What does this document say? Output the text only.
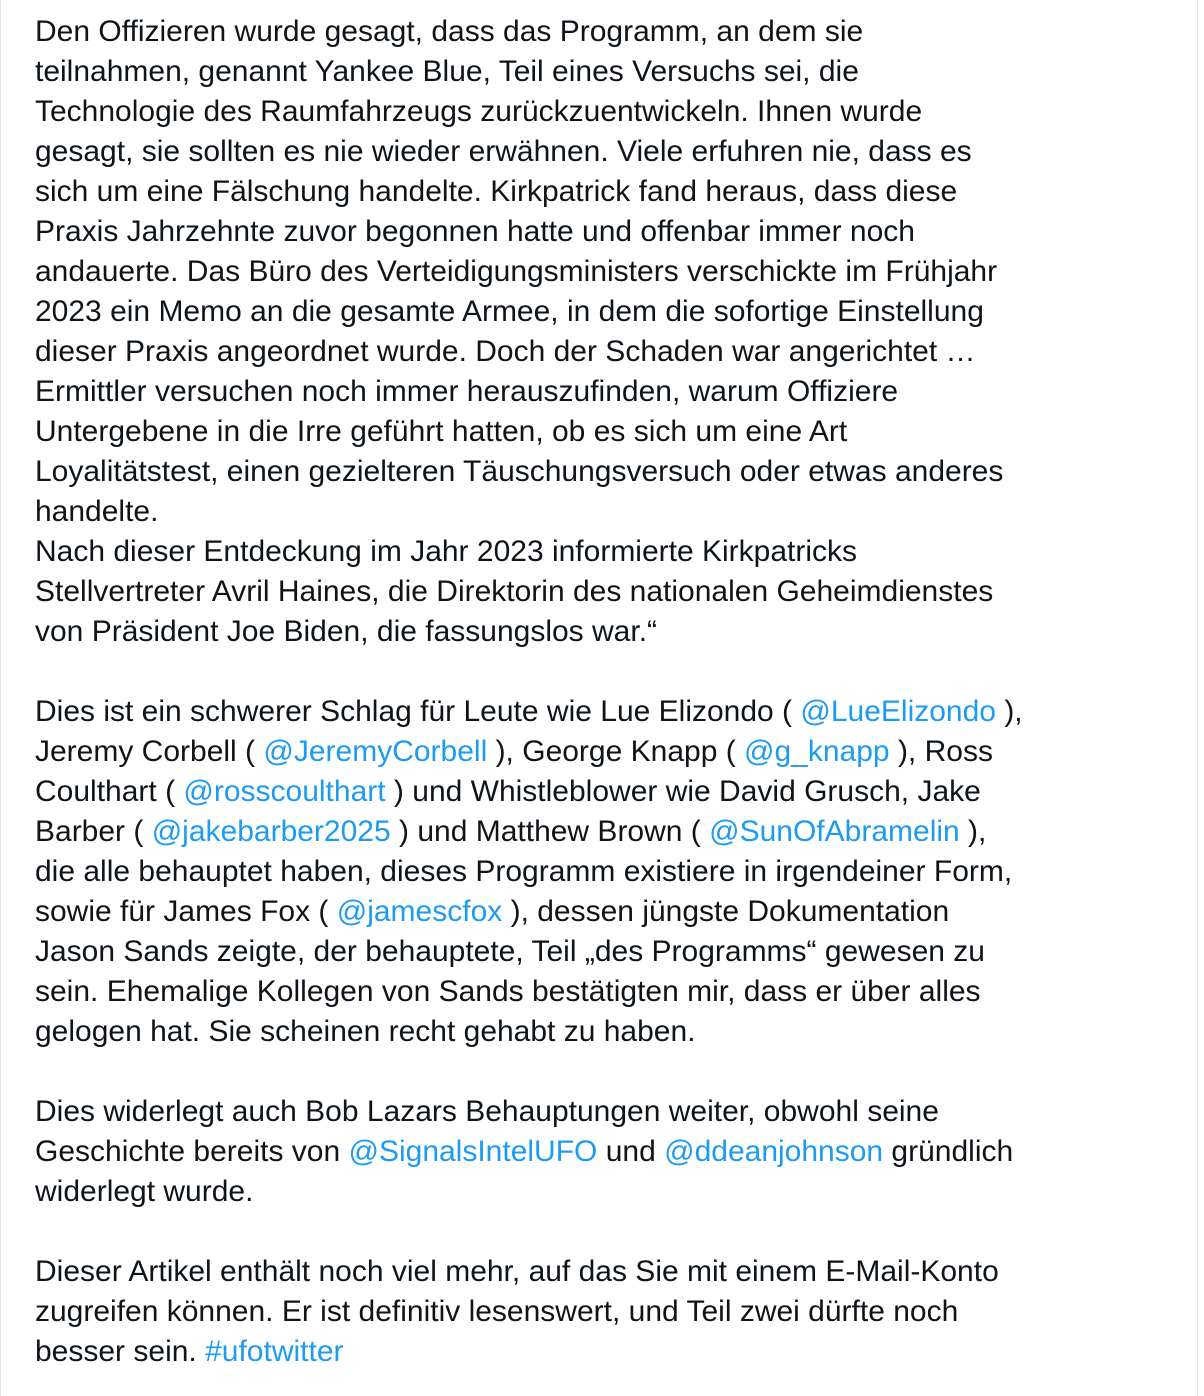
Den Offizieren wurde gesagt, dass das Programm, an dem sie
teilnahmen, genannt Yankee Blue, Teil eines Versuchs sei, die
Technologie des Raumfahrzeugs zurückzuentwickeln. Ihnen wurde
gesagt, sie sollten es nie wieder erwähnen. Viele erfuhren nie, dass es
sich um eine Fälschung handelte. Kirkpatrick fand heraus, dass diese
Praxis Jahrzehnte zuvor begonnen hatte und offenbar immer noch
andauerte. Das Büro des Verteidigungsministers verschickte im Frühjahr
2023 ein Memo an die gesamte Armee, in dem die sofortige Einstellung
dieser Praxis angeordnet wurde. Doch der Schaden war angerichtet …
Ermittler versuchen noch immer herauszufinden, warum Offiziere
Untergebene in die Irre geführt hatten, ob es sich um eine Art
Loyalitätstest, einen gezielteren Täuschungsversuch oder etwas anderes
handelte.
Nach dieser Entdeckung im Jahr 2023 informierte Kirkpatricks
Stellvertreter Avril Haines, die Direktorin des nationalen Geheimdienstes
von Präsident Joe Biden, die fassungslos war.“
Dies ist ein schwerer Schlag für Leute wie Lue Elizondo ( @LueElizondo ),
Jeremy Corbell ( @JeremyCorbell ), George Knapp ( @g_knapp ), Ross
Coulthart ( @rosscoulthart ) und Whistleblower wie David Grusch, Jake
Barber ( @jakebarber2025 ) und Matthew Brown ( @SunOfAbramelin ),
die alle behauptet haben, dieses Programm existiere in irgendeiner Form,
sowie für James Fox ( @jamescfox ), dessen jüngste Dokumentation
Jason Sands zeigte, der behauptete, Teil „des Programms“ gewesen zu
sein. Ehemalige Kollegen von Sands bestätigten mir, dass er über alles
gelogen hat. Sie scheinen recht gehabt zu haben.
Dies widerlegt auch Bob Lazars Behauptungen weiter, obwohl seine
Geschichte bereits von @SignalsIntelUFO und @ddeanjohnson gründlich
widerlegt wurde.
Dieser Artikel enthält noch viel mehr, auf das Sie mit einem E-Mail-Konto
zugreifen können. Er ist definitiv lesenswert, und Teil zwei dürfte noch
besser sein. #ufotwitter
